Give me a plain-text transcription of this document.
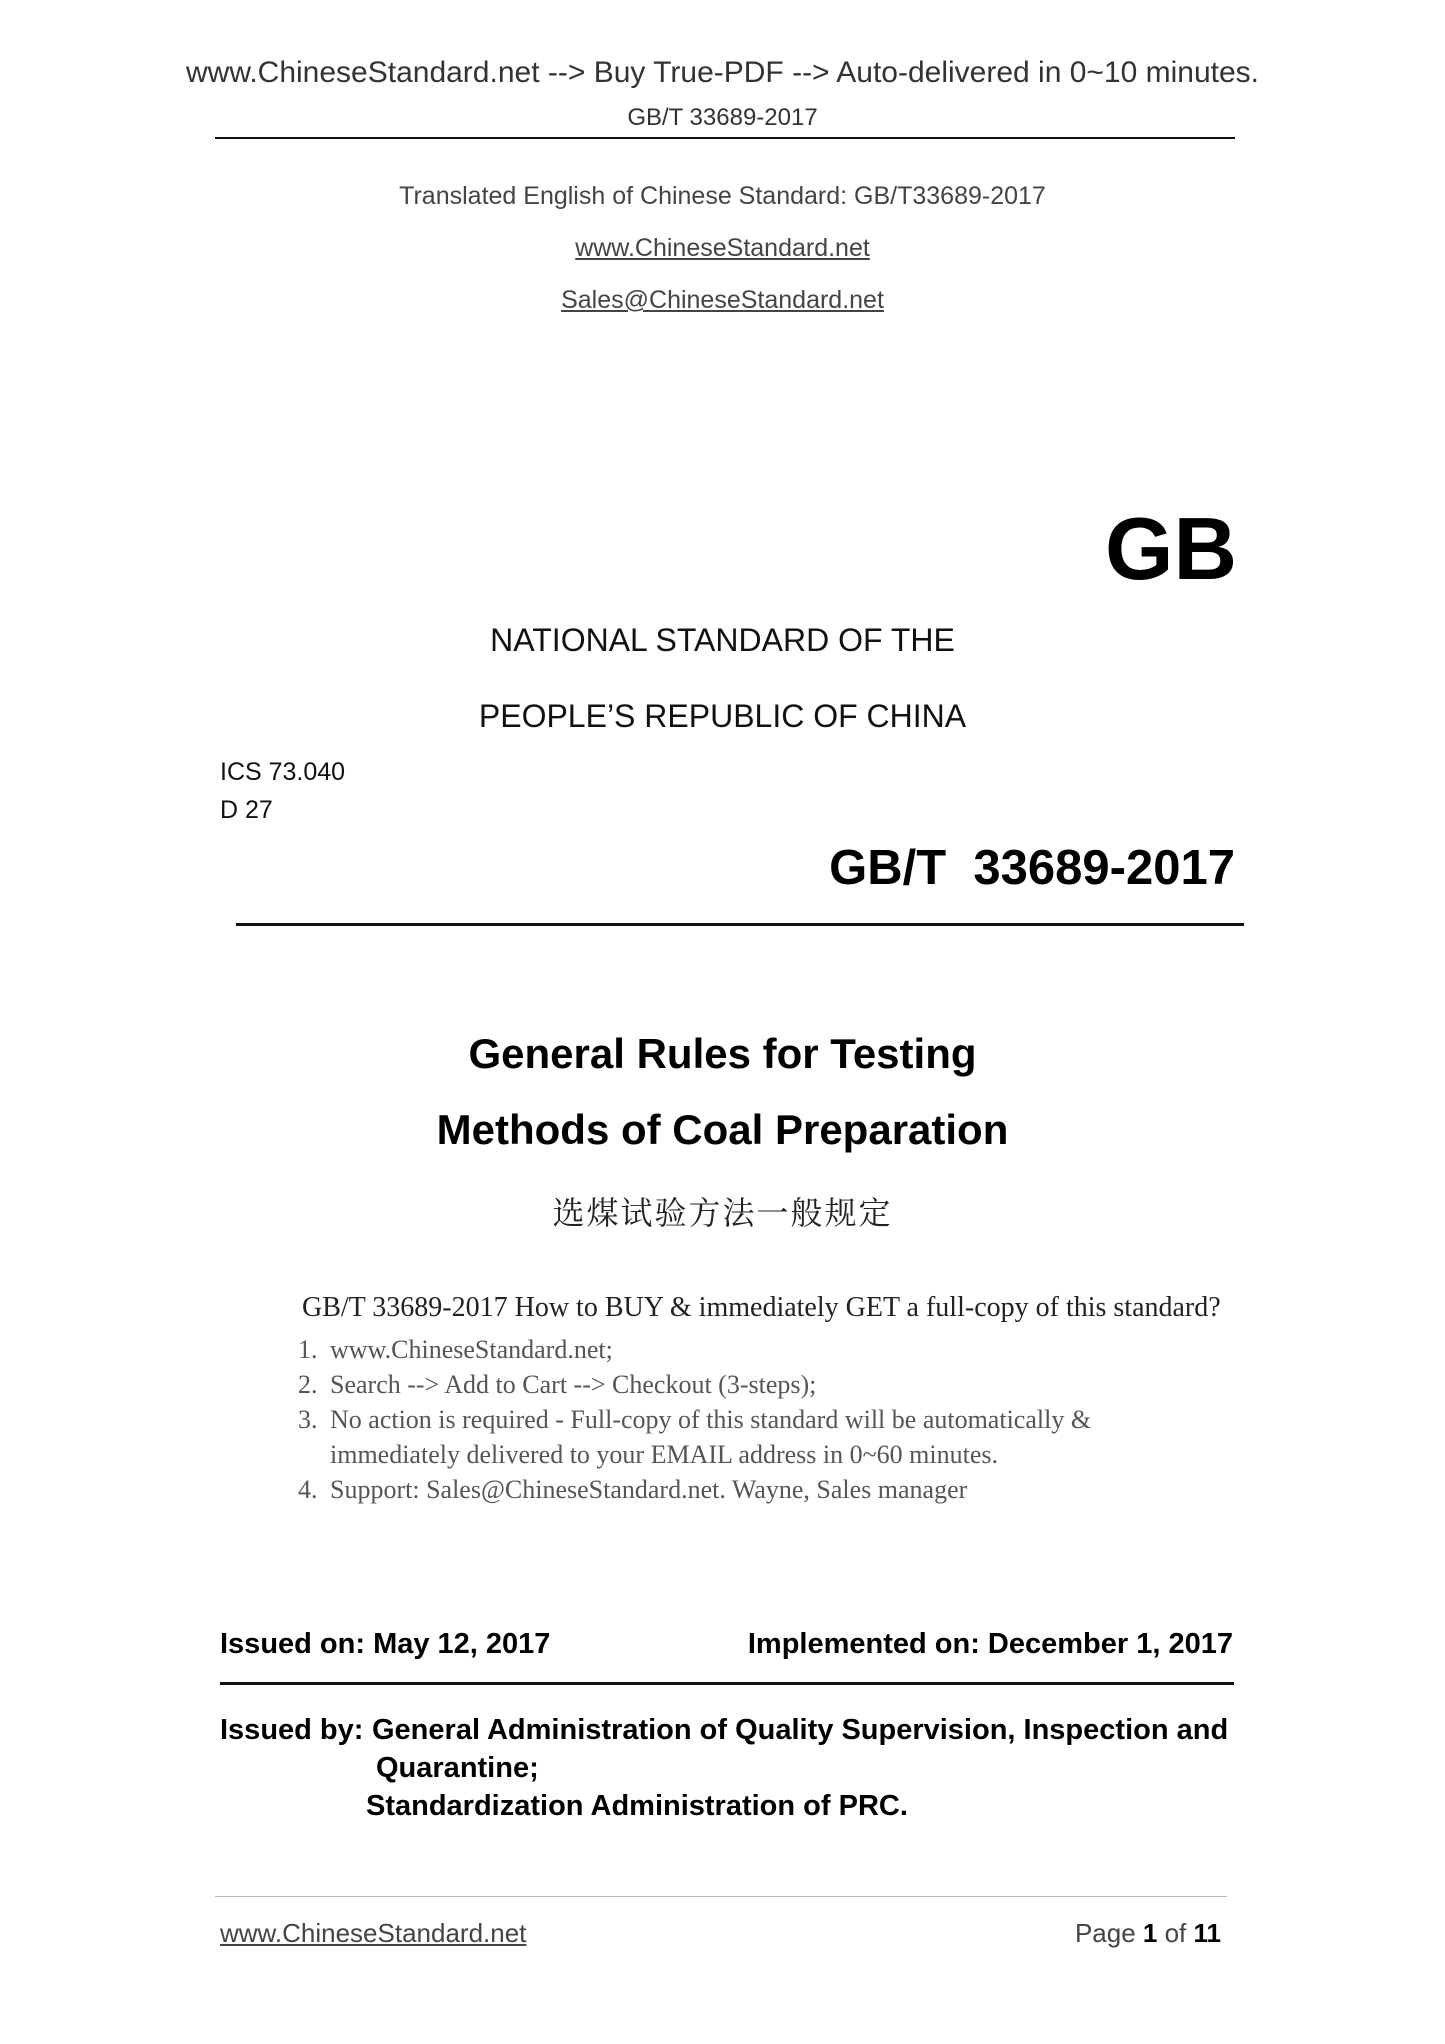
www.ChineseStandard.net --> Buy True-PDF --> Auto-delivered in 0~10 minutes.
GB/T 33689-2017
Translated English of Chinese Standard: GB/T33689-2017
www.ChineseStandard.net
Sales@ChineseStandard.net
GB
NATIONAL STANDARD OF THE
PEOPLE’S REPUBLIC OF CHINA
ICS 73.040
D 27
GB/T  33689-2017
General Rules for Testing
Methods of Coal Preparation
选煤试验方法一般规定
GB/T 33689-2017 How to BUY & immediately GET a full-copy of this standard?
1. www.ChineseStandard.net;
2. Search --> Add to Cart --> Checkout (3-steps);
3. No action is required - Full-copy of this standard will be automatically & immediately delivered to your EMAIL address in 0~60 minutes.
4. Support: Sales@ChineseStandard.net. Wayne, Sales manager
Issued on: May 12, 2017	Implemented on: December 1, 2017
Issued by: General Administration of Quality Supervision, Inspection and
Quarantine;
Standardization Administration of PRC.
www.ChineseStandard.net	Page 1 of 11
